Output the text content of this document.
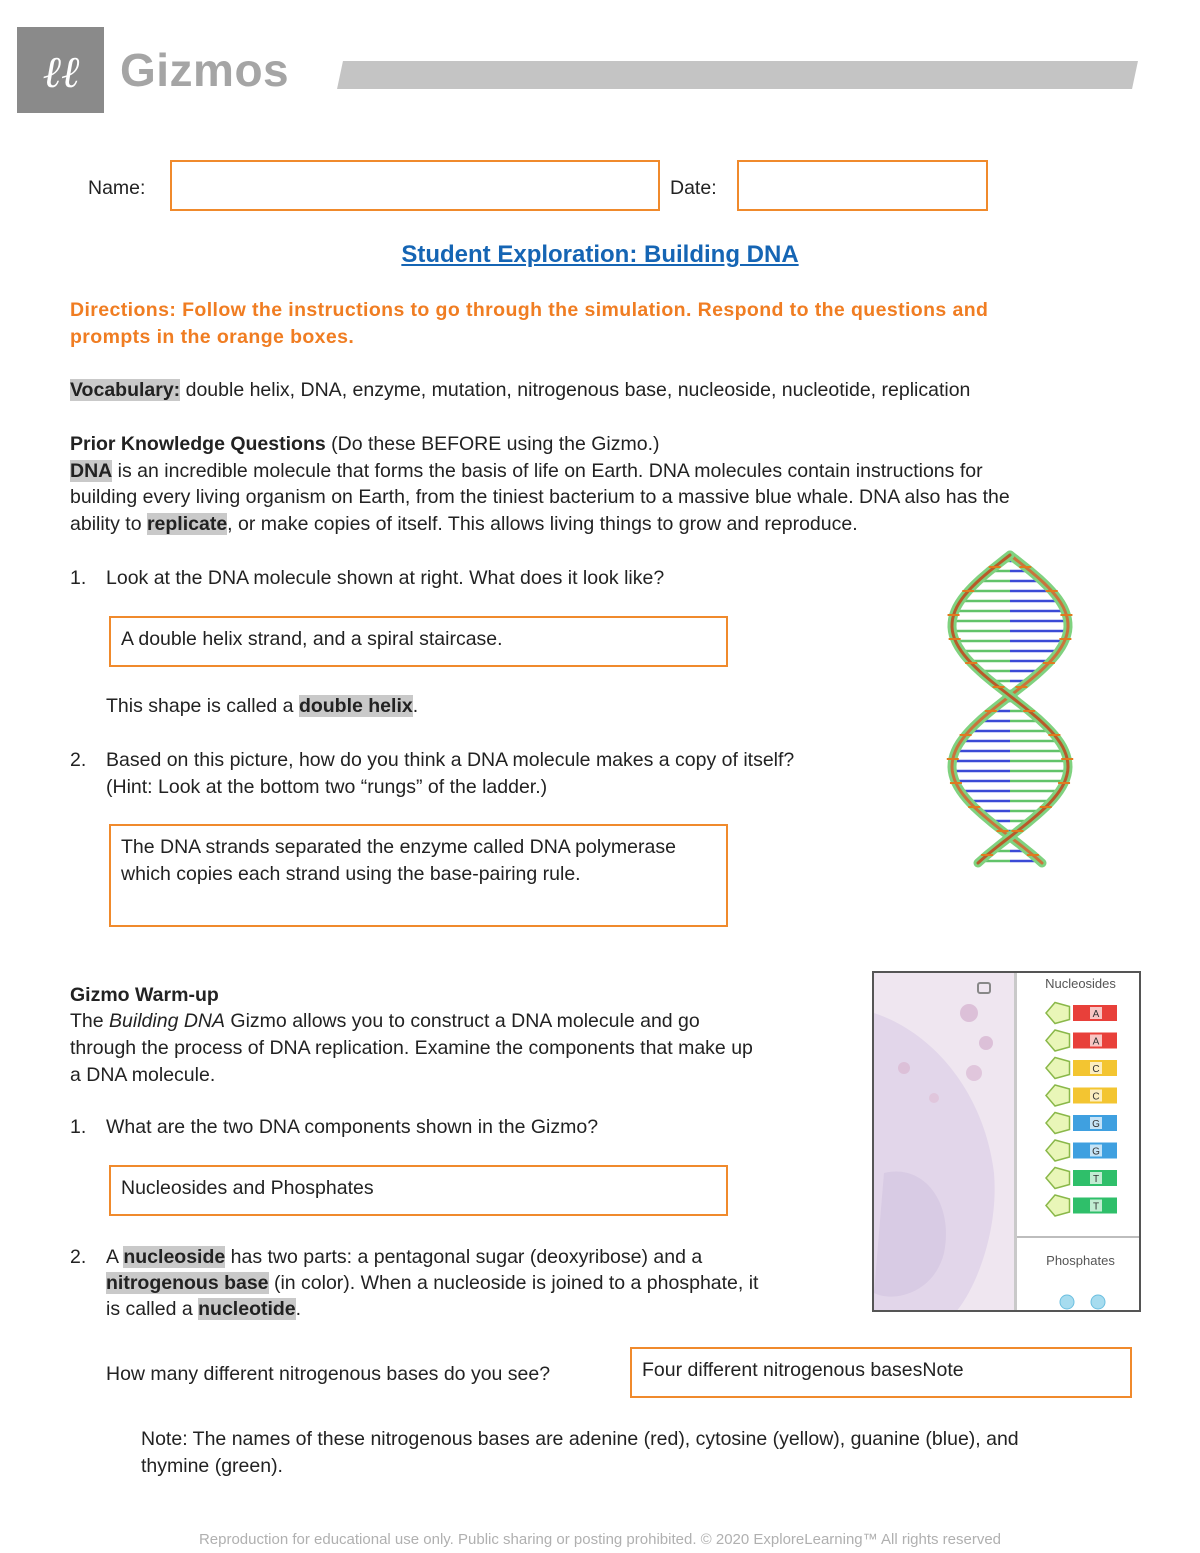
ℓℓ Gizmos
Name:	Date:
Student Exploration: Building DNA
Directions: Follow the instructions to go through the simulation. Respond to the questions and
prompts in the orange boxes.
Vocabulary: double helix, DNA, enzyme, mutation, nitrogenous base, nucleoside, nucleotide, replication
Prior Knowledge Questions (Do these BEFORE using the Gizmo.)
DNA is an incredible molecule that forms the basis of life on Earth. DNA molecules contain instructions for
building every living organism on Earth, from the tiniest bacterium to a massive blue whale. DNA also has the
ability to replicate, or make copies of itself. This allows living things to grow and reproduce.
1. Look at the DNA molecule shown at right. What does it look like?
A double helix strand, and a spiral staircase.
This shape is called a double helix.
2. Based on this picture, how do you think a DNA molecule makes a copy of itself?
(Hint: Look at the bottom two “rungs” of the ladder.)
The DNA strands separated the enzyme called DNA polymerase which copies each strand using the base-pairing rule.
Gizmo Warm-up
The Building DNA Gizmo allows you to construct a DNA molecule and go
through the process of DNA replication. Examine the components that make up
a DNA molecule.
1. What are the two DNA components shown in the Gizmo?
Nucleosides and Phosphates
2. A nucleoside has two parts: a pentagonal sugar (deoxyribose) and a
nitrogenous base (in color). When a nucleoside is joined to a phosphate, it
is called a nucleotide.
How many different nitrogenous bases do you see?	Four different nitrogenous basesNote
Note: The names of these nitrogenous bases are adenine (red), cytosine (yellow), guanine (blue), and
thymine (green).
Nucleosides
Phosphates
A
A
C
C
G
G
T
T
Reproduction for educational use only. Public sharing or posting prohibited. © 2020 ExploreLearning™ All rights reserved
